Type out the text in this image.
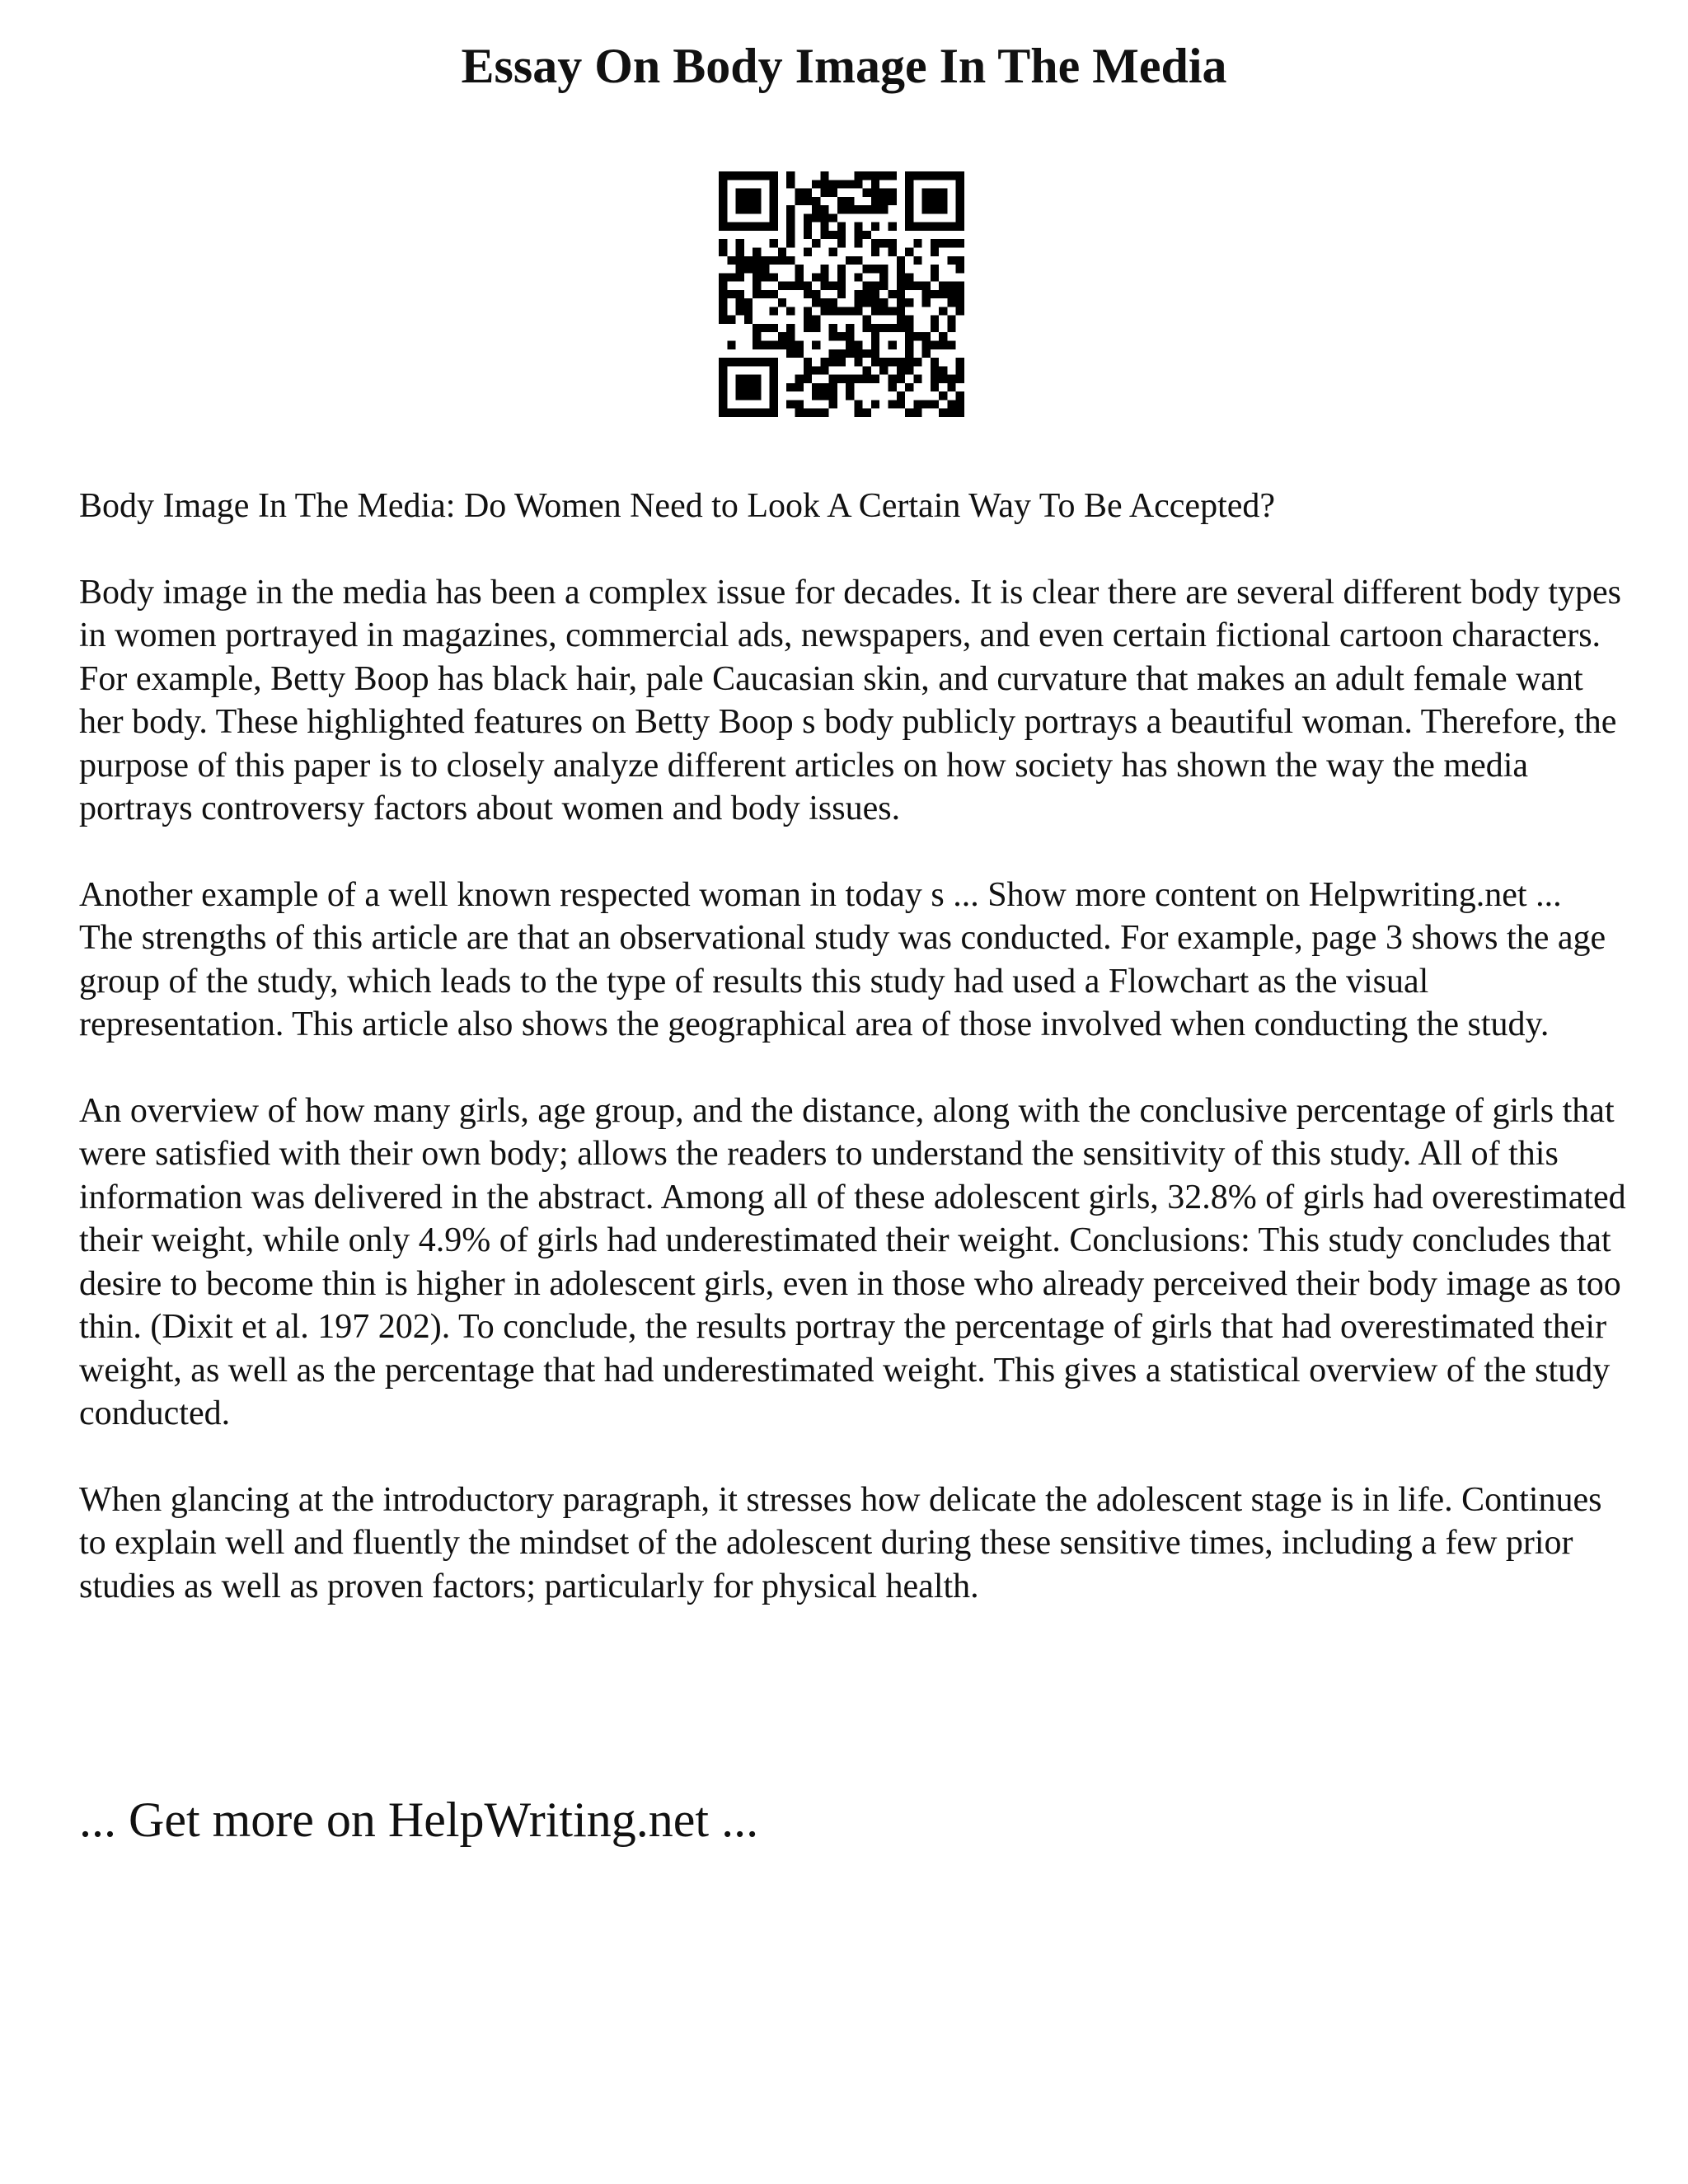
Essay On Body Image In The Media

Body Image In The Media: Do Women Need to Look A Certain Way To Be Accepted?

Body image in the media has been a complex issue for decades. It is clear there are several different body types in women portrayed in magazines, commercial ads, newspapers, and even certain fictional cartoon characters. For example, Betty Boop has black hair, pale Caucasian skin, and curvature that makes an adult female want her body. These highlighted features on Betty Boop s body publicly portrays a beautiful woman. Therefore, the purpose of this paper is to closely analyze different articles on how society has shown the way the media portrays controversy factors about women and body issues.

Another example of a well known respected woman in today s ... Show more content on Helpwriting.net ...

The strengths of this article are that an observational study was conducted. For example, page 3 shows the age group of the study, which leads to the type of results this study had used a Flowchart as the visual representation. This article also shows the geographical area of those involved when conducting the study.

An overview of how many girls, age group, and the distance, along with the conclusive percentage of girls that were satisfied with their own body; allows the readers to understand the sensitivity of this study. All of this information was delivered in the abstract. Among all of these adolescent girls, 32.8% of girls had overestimated their weight, while only 4.9% of girls had underestimated their weight. Conclusions: This study concludes that desire to become thin is higher in adolescent girls, even in those who already perceived their body image as too thin. (Dixit et al. 197 202). To conclude, the results portray the percentage of girls that had overestimated their weight, as well as the percentage that had underestimated weight. This gives a statistical overview of the study conducted.

When glancing at the introductory paragraph, it stresses how delicate the adolescent stage is in life. Continues to explain well and fluently the mindset of the adolescent during these sensitive times, including a few prior studies as well as proven factors; particularly for physical health.

... Get more on HelpWriting.net ...
